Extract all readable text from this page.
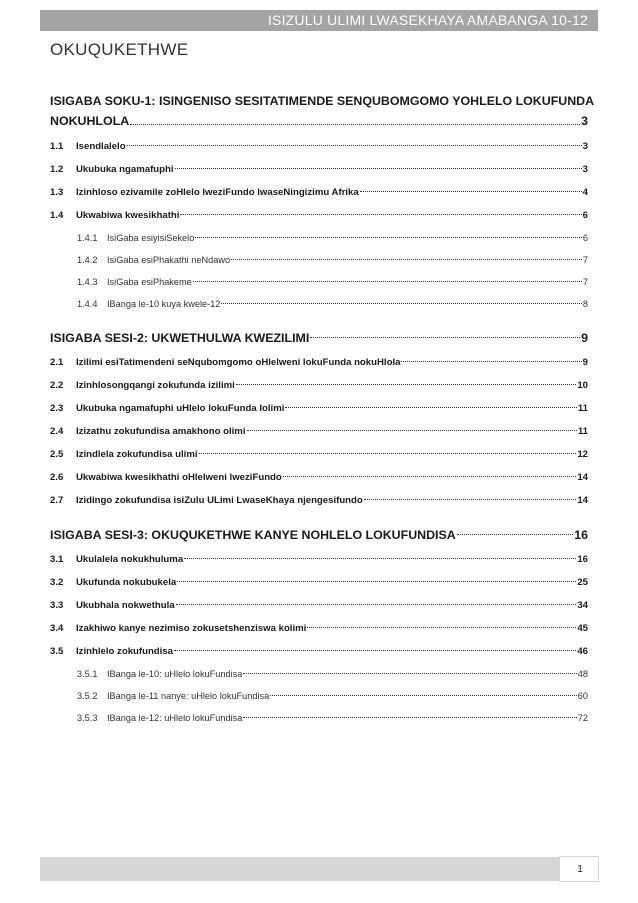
ISIZULU ULIMI LWASEKHAYA AMABANGA 10-12
OKUQUKETHWE
ISIGABA SOKU-1: ISINGENISO SESITATIMENDE SENQUBOMGOMO YOHLELO LOKUFUNDA
NOKUHLOLA	3
1.1	Isendlalelo	3
1.2	Ukubuka ngamafuphi	3
1.3	Izinhloso ezivamile zoHlelo lweziFundo lwaseNingizimu Afrika	4
1.4	Ukwabiwa kwesikhathi	6
1.4.1	IsiGaba esiyisiSekelo	6
1.4.2	IsiGaba esiPhakathi neNdawo	7
1.4.3	IsiGaba esiPhakeme	7
1.4.4	IBanga le-10 kuya kwele-12	8
ISIGABA SESI-2: UKWETHULWA KWEZILIMI	9
2.1	Izilimi esiTatimendeni seNqubomgomo oHlelweni lokuFunda nokuHlola	9
2.2	Izinhlosongqangi zokufunda izilimi	10
2.3	Ukubuka ngamafuphi uHlelo lokuFunda lolimi	11
2.4	Izizathu zokufundisa amakhono olimi	11
2.5	Izindlela zokufundisa ulimi	12
2.6	Ukwabiwa kwesikhathi oHlelweni lweziFundo	14
2.7	Izidingo zokufundisa isiZulu ULimi LwaseKhaya njengesifundo	14
ISIGABA SESI-3: OKUQUKETHWE KANYE NOHLELO LOKUFUNDISA	16
3.1	Ukulalela nokukhuluma	16
3.2	Ukufunda nokubukela	25
3.3	Ukubhala nokwethula	34
3.4	Izakhiwo kanye nezimiso zokusetshenziswa kolimi	45
3.5	Izinhlelo zokufundisa	46
3.5.1	IBanga le-10: uHlelo lokuFundisa	48
3.5.2	IBanga le-11 nanye: uHlelo lokuFundisa	60
3.5.3	IBanga le-12: uHlelo lokuFundisa	72
1
